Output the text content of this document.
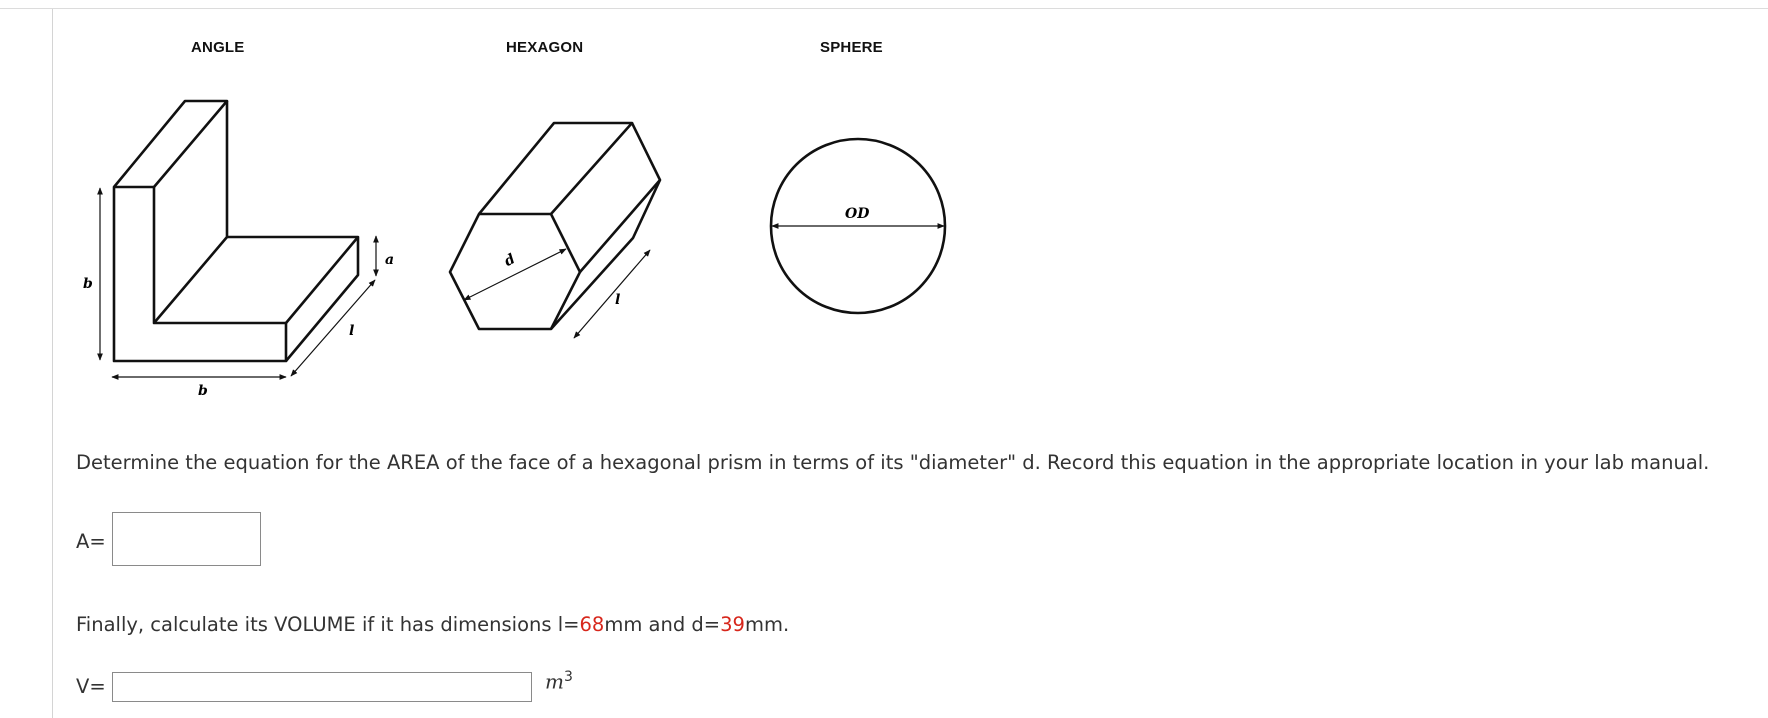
ANGLE	HEXAGON	SPHERE
b
b
a
l
d
l
OD
Determine the equation for the AREA of the face of a hexagonal prism in terms of its "diameter" d. Record this equation in the appropriate location in your lab manual.
A=
Finally, calculate its VOLUME if it has dimensions l=68mm and d=39mm.
V=	$m^3$
